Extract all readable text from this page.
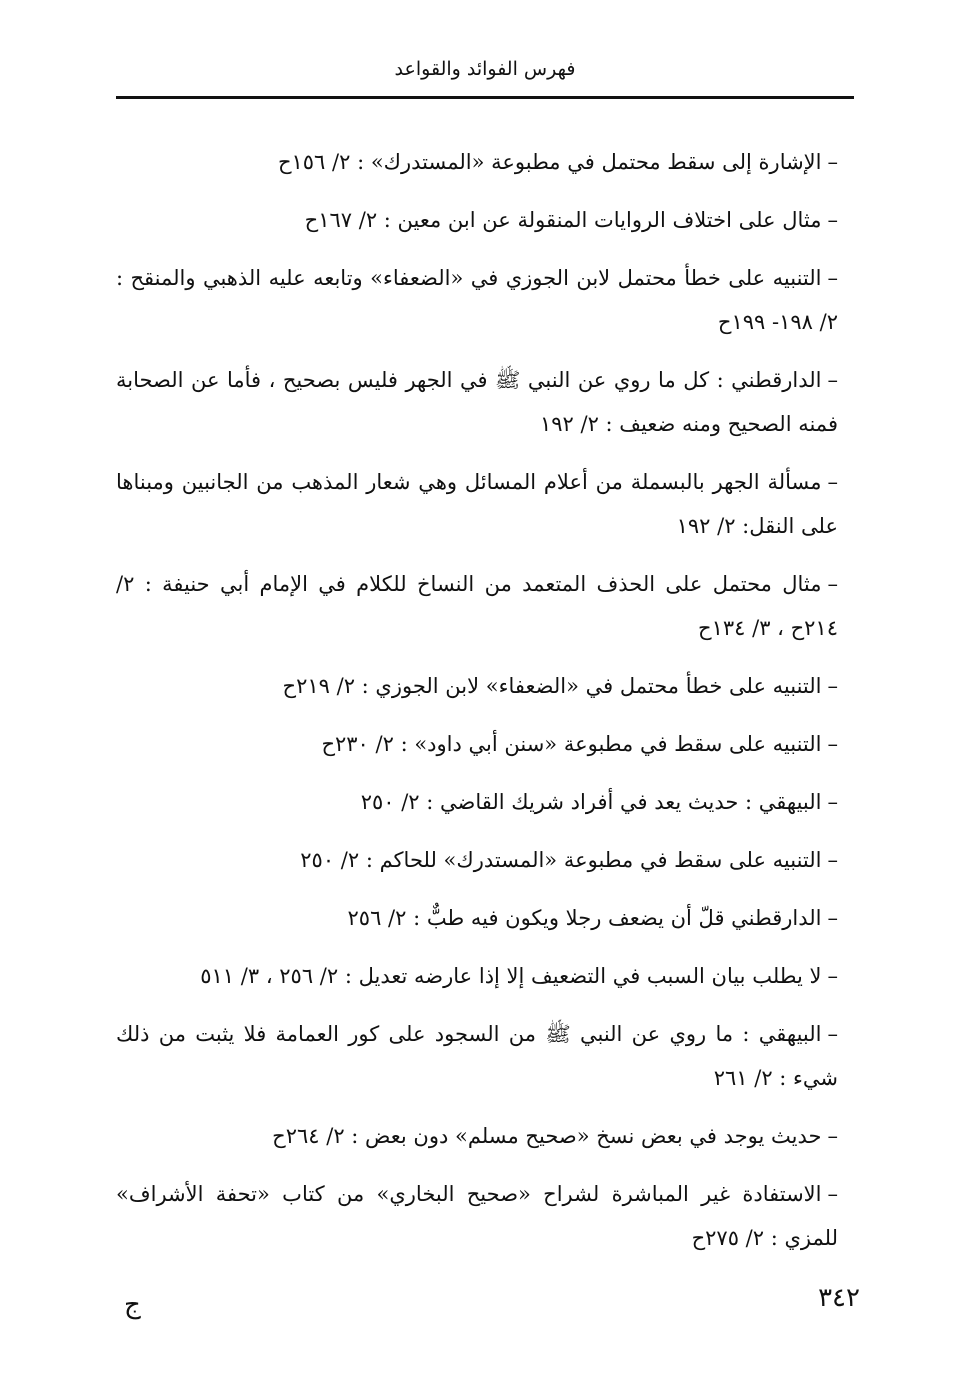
فهرس الفوائد والقواعد

–الإشارة إلى سقط محتمل في مطبوعة «المستدرك» : ٢/ ١٥٦ح

–مثال على اختلاف الروايات المنقولة عن ابن معين : ٢/ ١٦٧ح

–التنبيه على خطأ محتمل لابن الجوزي في «الضعفاء» وتابعه عليه الذهبي والمنقح : ٢/ ١٩٨- ١٩٩ح

–الدارقطني : كل ما روي عن النبي ﷺ في الجهر فليس بصحيح ، فأما عن الصحابة فمنه الصحيح ومنه ضعيف : ٢/ ١٩٢

–مسألة الجهر بالبسملة من أعلام المسائل وهي شعار المذهب من الجانبين ومبناها على النقل: ٢/ ١٩٢

–مثال محتمل على الحذف المتعمد من النساخ للكلام في الإمام أبي حنيفة : ٢/ ٢١٤ح ، ٣/ ١٣٤ح

–التنبيه على خطأ محتمل في «الضعفاء» لابن الجوزي : ٢/ ٢١٩ح

–التنبيه على سقط في مطبوعة «سنن أبي داود» : ٢/ ٢٣٠ح

–البيهقي : حديث يعد في أفراد شريك القاضي : ٢/ ٢٥٠

–التنبيه على سقط في مطبوعة «المستدرك» للحاكم : ٢/ ٢٥٠

–الدارقطني قلّ أن يضعف رجلا ويكون فيه طبٌّ : ٢/ ٢٥٦

–لا يطلب بيان السبب في التضعيف إلا إذا عارضه تعديل : ٢/ ٢٥٦ ، ٣/ ٥١١

–البيهقي : ما روي عن النبي ﷺ من السجود على كور العمامة فلا يثبت من ذلك شيء : ٢/ ٢٦١

–حديث يوجد في بعض نسخ «صحيح مسلم» دون بعض : ٢/ ٢٦٤ح

–الاستفادة غير المباشرة لشراح «صحيح البخاري» من كتاب «تحفة الأشراف» للمزي : ٢/ ٢٧٥ح

٣٤٢
ج
